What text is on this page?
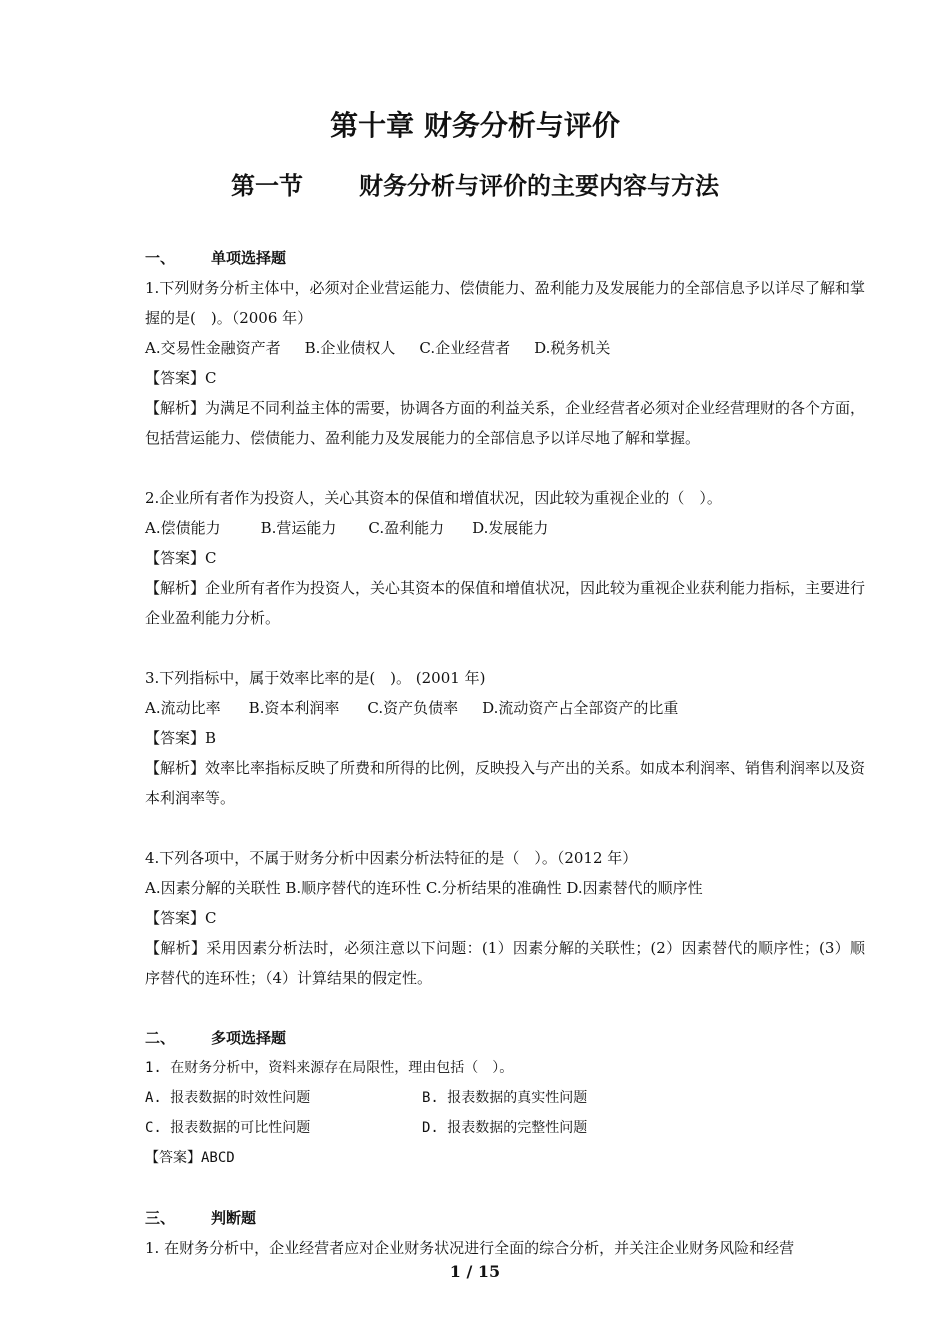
第十章 财务分析与评价
第一节 财务分析与评价的主要内容与方法
一、 单项选择题
1.下列财务分析主体中，必须对企业营运能力、偿债能力、盈利能力及发展能力的全部信息予以详尽了解和掌握的是(　)。（2006 年）
A.交易性金融资产者 B.企业债权人 C.企业经营者 D.税务机关
【答案】C
【解析】为满足不同利益主体的需要，协调各方面的利益关系，企业经营者必须对企业经营理财的各个方面，包括营运能力、偿债能力、盈利能力及发展能力的全部信息予以详尽地了解和掌握。
2.企业所有者作为投资人，关心其资本的保值和增值状况，因此较为重视企业的（　）。
A.偿债能力	B.营运能力 C.盈利能力 D.发展能力
【答案】C
【解析】企业所有者作为投资人，关心其资本的保值和增值状况，因此较为重视企业获利能力指标，主要进行企业盈利能力分析。
3.下列指标中，属于效率比率的是(　)。 (2001 年)
A.流动比率 B.资本利润率 C.资产负债率 D.流动资产占全部资产的比重
【答案】B
【解析】效率比率指标反映了所费和所得的比例，反映投入与产出的关系。如成本利润率、销售利润率以及资本利润率等。
4.下列各项中，不属于财务分析中因素分析法特征的是（　）。（2012 年）
A.因素分解的关联性 B.顺序替代的连环性 C.分析结果的准确性 D.因素替代的顺序性
【答案】C
【解析】采用因素分析法时，必须注意以下问题：(1）因素分解的关联性；(2）因素替代的顺序性；(3）顺序替代的连环性；（4）计算结果的假定性。
二、 多项选择题
1. 在财务分析中，资料来源存在局限性，理由包括（　）。
A. 报表数据的时效性问题	B. 报表数据的真实性问题
C. 报表数据的可比性问题	D. 报表数据的完整性问题
【答案】ABCD
三、 判断题
1. 在财务分析中，企业经营者应对企业财务状况进行全面的综合分析，并关注企业财务风险和经营
1 / 15
